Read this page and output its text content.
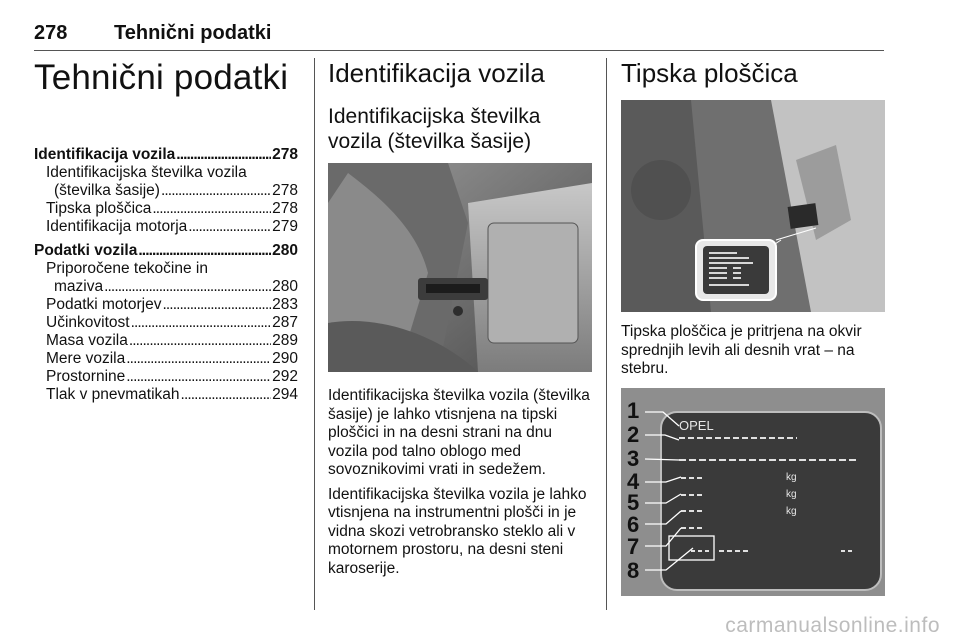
278 Tehnični podatki
Tehnični podatki
Identifikacija vozila . . .	278
Identifikacijska številka vozila
(številka šasije) . . .	278
Tipska ploščica . . .	278
Identifikacija motorja . . .	279
Podatki vozila . . .	280
Priporočene tekočine in
maziva . . .	280
Podatki motorjev . . .	283
Učinkovitost . . .	287
Masa vozila . . .	289
Mere vozila . . .	290
Prostornine . . .	292
Tlak v pnevmatikah . . .	294
Identifikacija vozila
Identifikacijska številka
vozila (številka šasije)

Identifikacijska številka vozila (številka šasije) je lahko vtisnjena na tipski ploščici in na desni strani na dnu vozila pod talno oblogo med sovoznikovimi vrati in sedežem.

Identifikacijska številka vozila je lahko vtisnjena na instrumentni plošči in je vidna skozi vetrobransko steklo ali v motornem prostoru, na desni steni karoserije.

Tipska ploščica

Tipska ploščica je pritrjena na okvir sprednjih levih ali desnih vrat – na stebru.

OPEL
kg
kg
kg
1
2
3
4
5
6
7
8
carmanualsonline.info
